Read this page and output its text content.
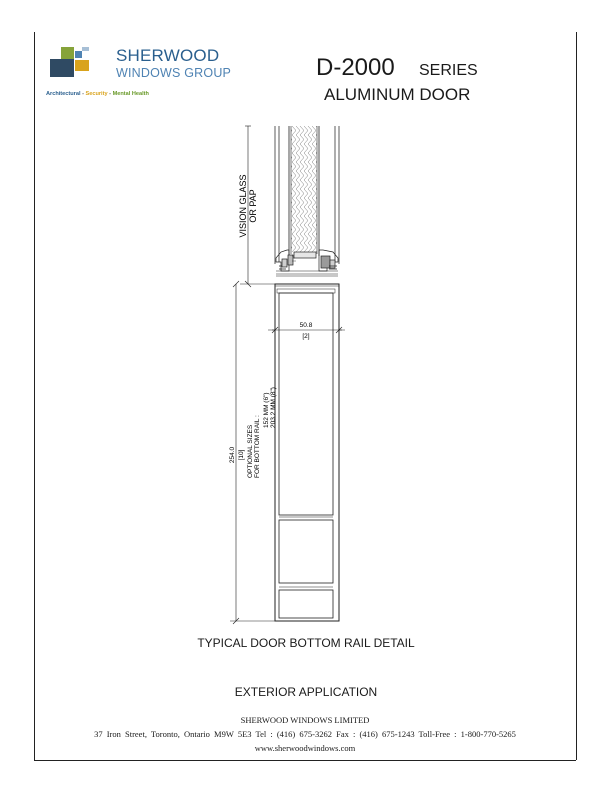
SHERWOOD
WINDOWS GROUP
Architectural - Security - Mental Health
D-2000 SERIES
ALUMINUM DOOR
VISION GLASS OR PAP
50.8
[2]
254.0 [10] OPTIONAL SIZES FOR BOTTOM RAIL :
152 MM (6") 203.2 MM (8")
TYPICAL DOOR BOTTOM RAIL DETAIL
EXTERIOR APPLICATION
SHERWOOD WINDOWS LIMITED
37 Iron Street, Toronto, Ontario M9W 5E3 Tel : (416) 675-3262 Fax : (416) 675-1243 Toll-Free : 1-800-770-5265
www.sherwoodwindows.com
